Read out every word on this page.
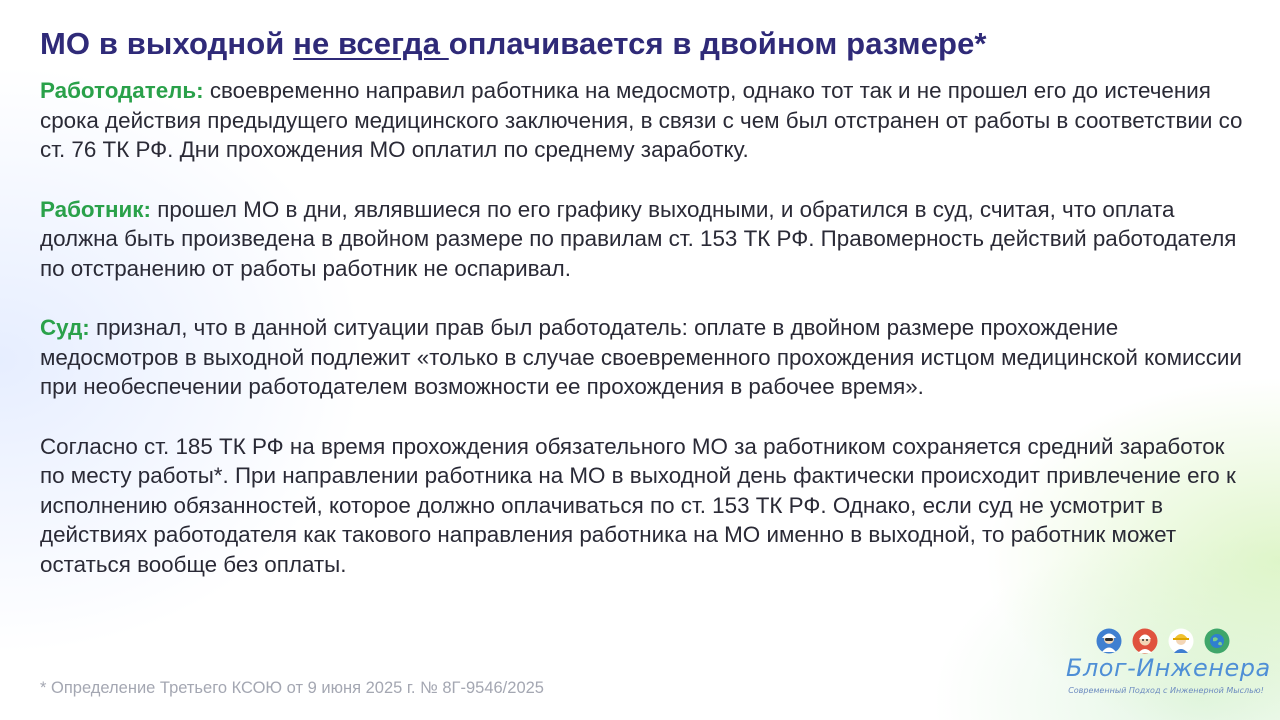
МО в выходной не всегда оплачивается в двойном размере*

Работодатель: своевременно направил работника на медосмотр, однако тот так и не прошел его до истечения срока действия предыдущего медицинского заключения, в связи с чем был отстранен от работы в соответствии со ст. 76 ТК РФ. Дни прохождения МО оплатил по среднему заработку.

Работник: прошел МО в дни, являвшиеся по его графику выходными, и обратился в суд, считая, что оплата должна быть произведена в двойном размере по правилам ст. 153 ТК РФ. Правомерность действий работодателя по отстранению от работы работник не оспаривал.

Суд: признал, что в данной ситуации прав был работодатель: оплате в двойном размере прохождение медосмотров в выходной подлежит «только в случае своевременного прохождения истцом медицинской комиссии при необеспечении работодателем возможности ее прохождения в рабочее время».

Согласно ст. 185 ТК РФ на время прохождения обязательного МО за работником сохраняется средний заработок по месту работы*. При направлении работника на МО в выходной день фактически происходит привлечение его к исполнению обязанностей, которое должно оплачиваться по ст. 153 ТК РФ. Однако, если суд не усмотрит в действиях работодателя как такового направления работника на МО именно в выходной, то работник может остаться вообще без оплаты.

* Определение Третьего КСОЮ от 9 июня 2025 г. № 8Г-9546/2025
Блог-Инженера
Современный Подход с Инженерной Мыслью!
